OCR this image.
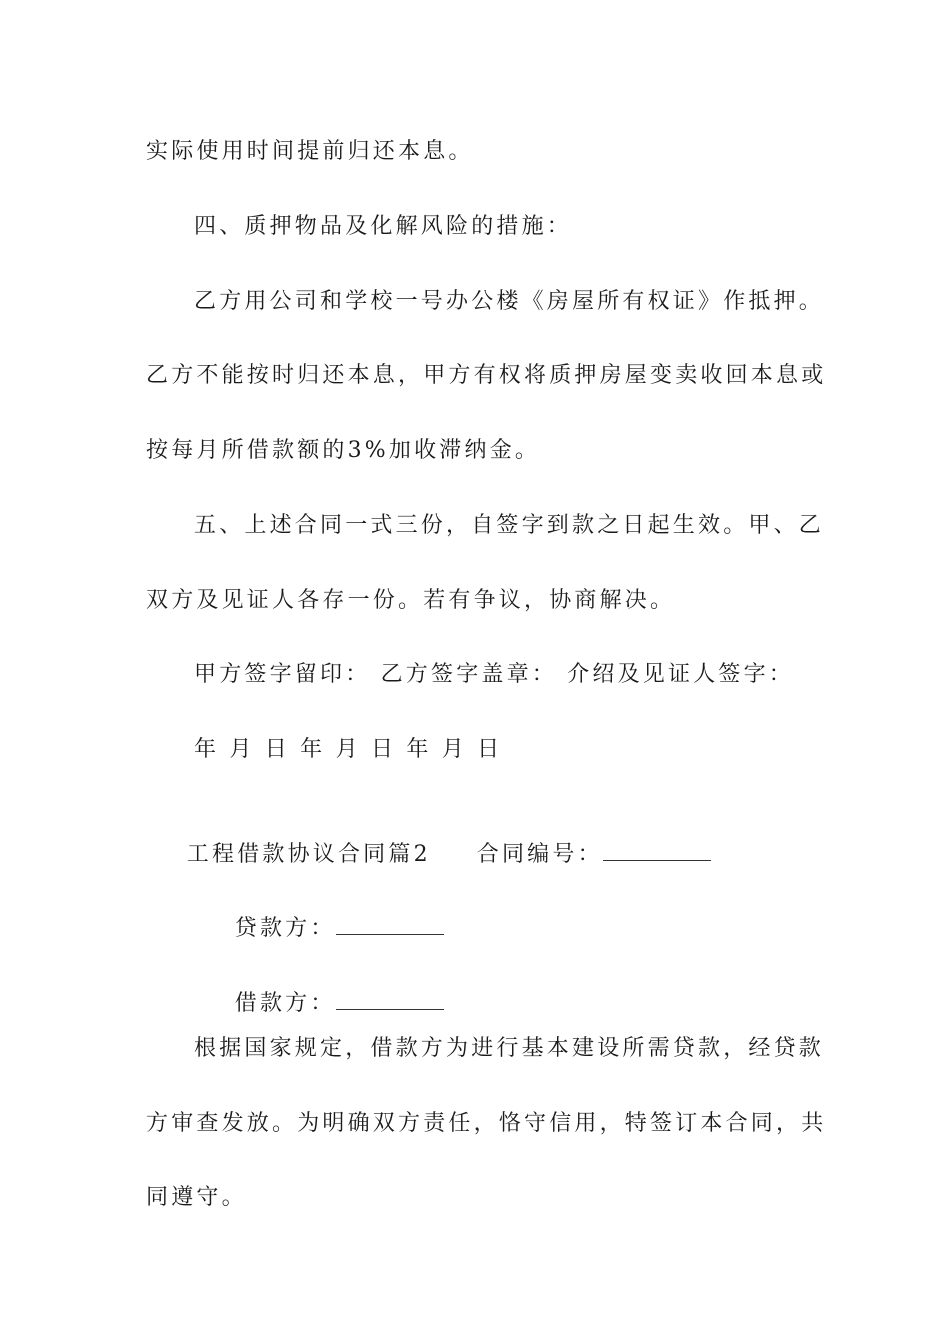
实际使用时间提前归还本息。
四、质押物品及化解风险的措施：
乙方用公司和学校一号办公楼《房屋所有权证》作抵押。
乙方不能按时归还本息，甲方有权将质押房屋变卖收回本息或
按每月所借款额的3%加收滞纳金。
五、上述合同一式三份，自签字到款之日起生效。甲、乙
双方及见证人各存一份。若有争议，协商解决。
甲方签字留印： 乙方签字盖章： 介绍及见证人签字：
年 月 日 年 月 日 年 月 日

工程借款协议合同篇2 合同编号：

贷款方：

借款方：

根据国家规定，借款方为进行基本建设所需贷款，经贷款
方审查发放。为明确双方责任，恪守信用，特签订本合同，共
同遵守。
